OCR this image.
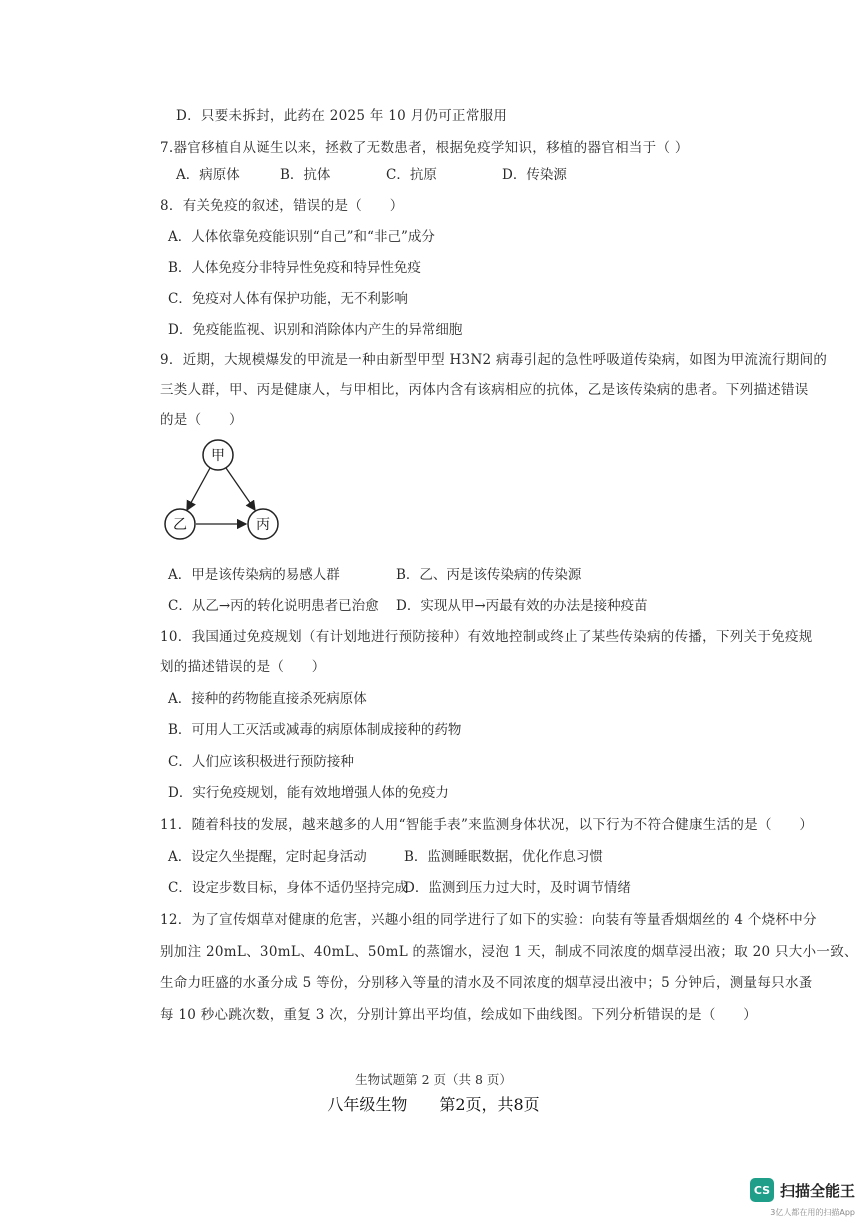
D．只要未拆封，此药在 2025 年 10 月仍可正常服用
7.器官移植自从诞生以来，拯救了无数患者，根据免疫学知识，移植的器官相当于（ ）
A．病原体	B．抗体	C．抗原	D．传染源
8．有关免疫的叙述，错误的是（　　）
A．人体依靠免疫能识别“自己”和“非己”成分
B．人体免疫分非特异性免疫和特异性免疫
C．免疫对人体有保护功能，无不利影响
D．免疫能监视、识别和消除体内产生的异常细胞
9．近期，大规模爆发的甲流是一种由新型甲型 H3N2 病毒引起的急性呼吸道传染病，如图为甲流流行期间的
三类人群，甲、丙是健康人，与甲相比，丙体内含有该病相应的抗体，乙是该传染病的患者。下列描述错误
的是（　　）
甲
乙	丙
A．甲是该传染病的易感人群	B．乙、丙是该传染病的传染源
C．从乙→丙的转化说明患者已治愈 D．实现从甲→丙最有效的办法是接种疫苗
10．我国通过免疫规划（有计划地进行预防接种）有效地控制或终止了某些传染病的传播，下列关于免疫规
划的描述错误的是（　　）
A．接种的药物能直接杀死病原体
B．可用人工灭活或减毒的病原体制成接种的药物
C．人们应该积极进行预防接种
D．实行免疫规划，能有效地增强人体的免疫力
11．随着科技的发展，越来越多的人用“智能手表”来监测身体状况，以下行为不符合健康生活的是（　　）
A．设定久坐提醒，定时起身活动	B．监测睡眠数据，优化作息习惯
C．设定步数目标，身体不适仍坚持完成
D．监测到压力过大时，及时调节情绪
12．为了宣传烟草对健康的危害，兴趣小组的同学进行了如下的实验：向装有等量香烟烟丝的 4 个烧杯中分
别加注 20mL、30mL、40mL、50mL 的蒸馏水，浸泡 1 天，制成不同浓度的烟草浸出液；取 20 只大小一致、
生命力旺盛的水蚤分成 5 等份，分别移入等量的清水及不同浓度的烟草浸出液中；5 分钟后，测量每只水蚤
每 10 秒心跳次数，重复 3 次，分别计算出平均值，绘成如下曲线图。下列分析错误的是（　　）
生物试题第 2 页（共 8 页）
八年级生物　　第2页，共8页
CS 扫描全能王
3亿人都在用的扫描App
